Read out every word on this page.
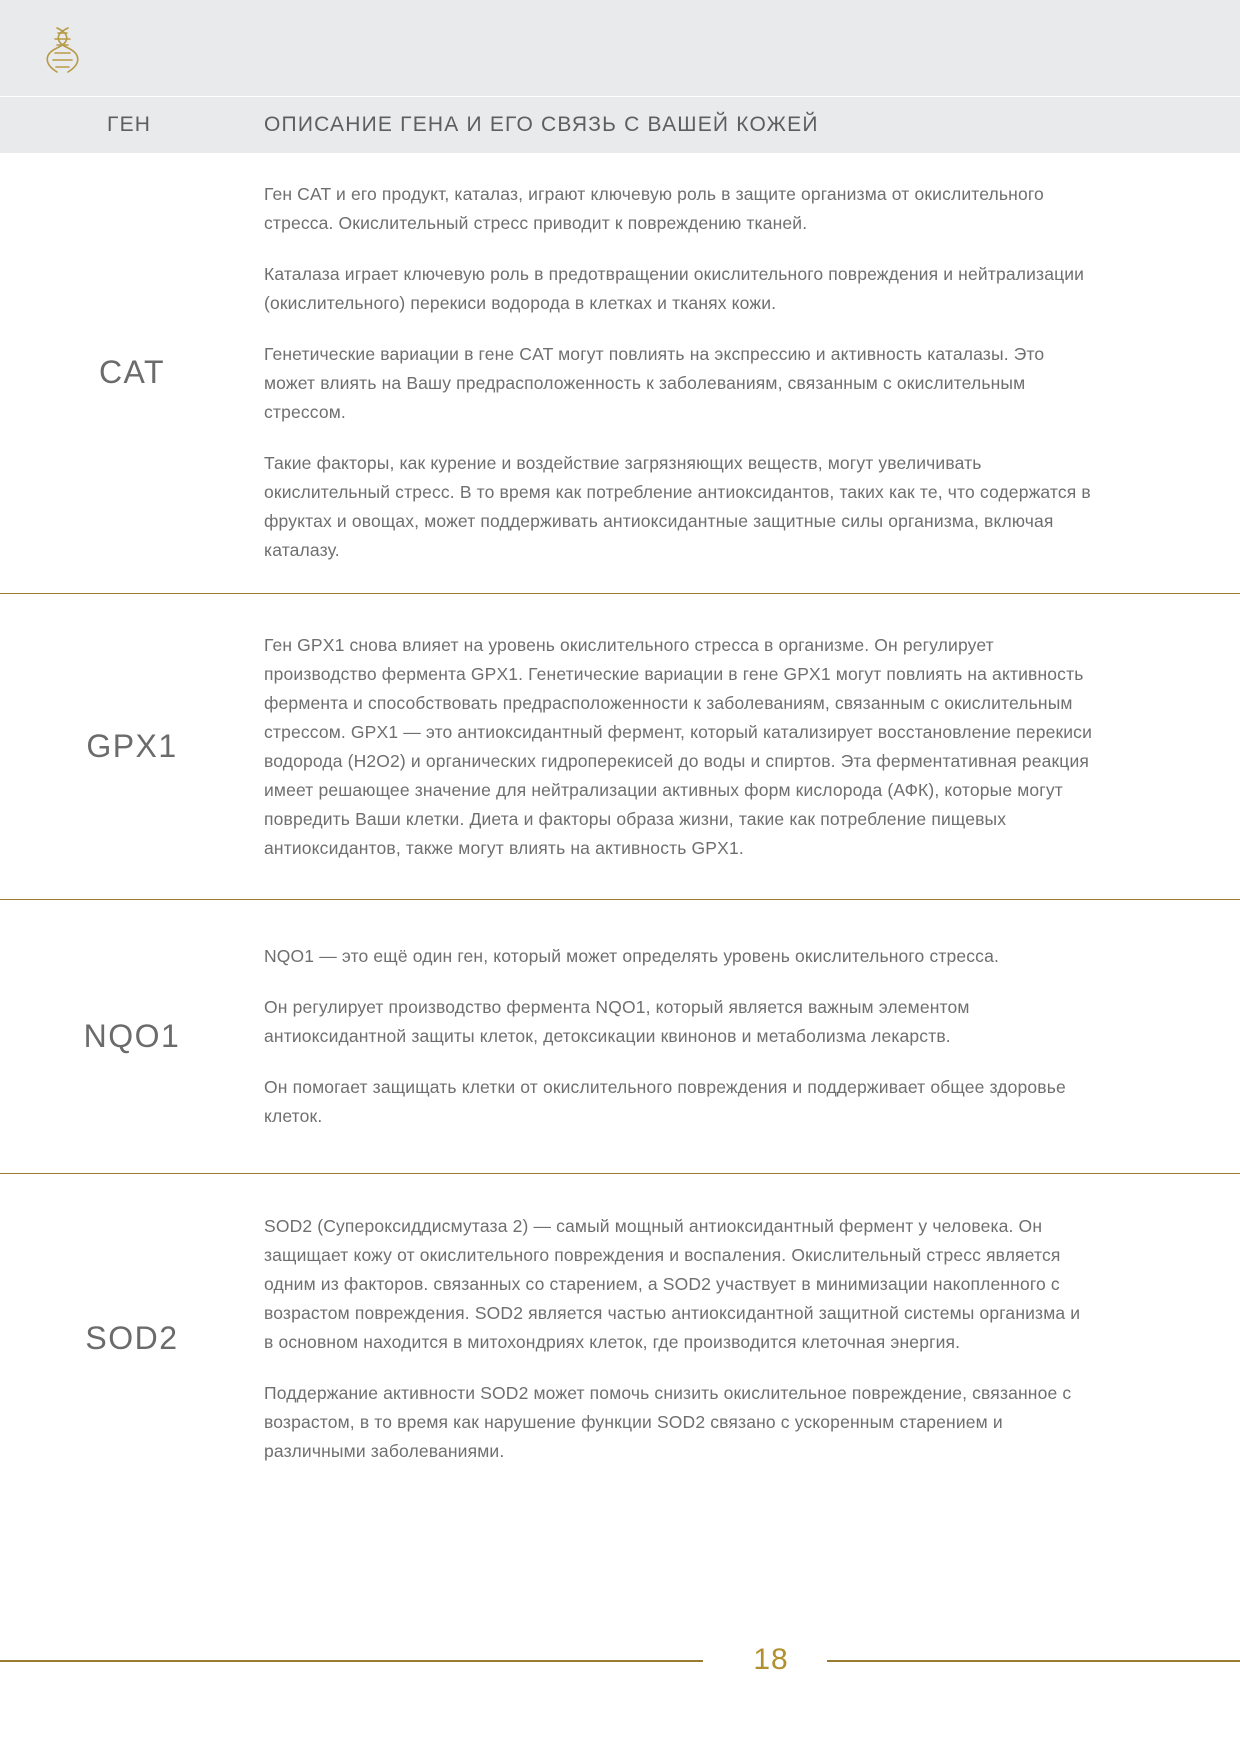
ГЕН	ОПИСАНИЕ ГЕНА И ЕГО СВЯЗЬ С ВАШЕЙ КОЖЕЙ
CAT

Ген CAT и его продукт, каталаз, играют ключевую роль в защите организма от окислительного стресса. Окислительный стресс приводит к повреждению тканей.

Каталаза играет ключевую роль в предотвращении окислительного повреждения и нейтрализации (окислительного) перекиси водорода в клетках и тканях кожи.

Генетические вариации в гене CAT могут повлиять на экспрессию и активность каталазы. Это может влиять на Вашу предрасположенность к заболеваниям, связанным с окислительным стрессом.

Такие факторы, как курение и воздействие загрязняющих веществ, могут увеличивать окислительный стресс. В то время как потребление антиоксидантов, таких как те, что содержатся в фруктах и овощах, может поддерживать антиоксидантные защитные силы организма, включая каталазу.

GPX1

Ген GPX1 снова влияет на уровень окислительного стресса в организме. Он регулирует производство фермента GPX1. Генетические вариации в гене GPX1 могут повлиять на активность фермента и способствовать предрасположенности к заболеваниям, связанным с окислительным стрессом. GPX1 — это антиоксидантный фермент, который катализирует восстановление перекиси водорода (H2O2) и органических гидроперекисей до воды и спиртов. Эта ферментативная реакция имеет решающее значение для нейтрализации активных форм кислорода (АФК), которые могут повредить Ваши клетки. Диета и факторы образа жизни, такие как потребление пищевых антиоксидантов, также могут влиять на активность GPX1.

NQO1

NQO1 — это ещё один ген, который может определять уровень окислительного стресса.

Он регулирует производство фермента NQO1, который является важным элементом антиоксидантной защиты клеток, детоксикации квинонов и метаболизма лекарств.

Он помогает защищать клетки от окислительного повреждения и поддерживает общее здоровье клеток.

SOD2

SOD2 (Супероксиддисмутаза 2) — самый мощный антиоксидантный фермент у человека. Он защищает кожу от окислительного повреждения и воспаления. Окислительный стресс является одним из факторов. связанных со старением, а SOD2 участвует в минимизации накопленного с возрастом повреждения. SOD2 является частью антиоксидантной защитной системы организма и в основном находится в митохондриях клеток, где производится клеточная энергия.

Поддержание активности SOD2 может помочь снизить окислительное повреждение, связанное с возрастом, в то время как нарушение функции SOD2 связано с ускоренным старением и различными заболеваниями.

18
